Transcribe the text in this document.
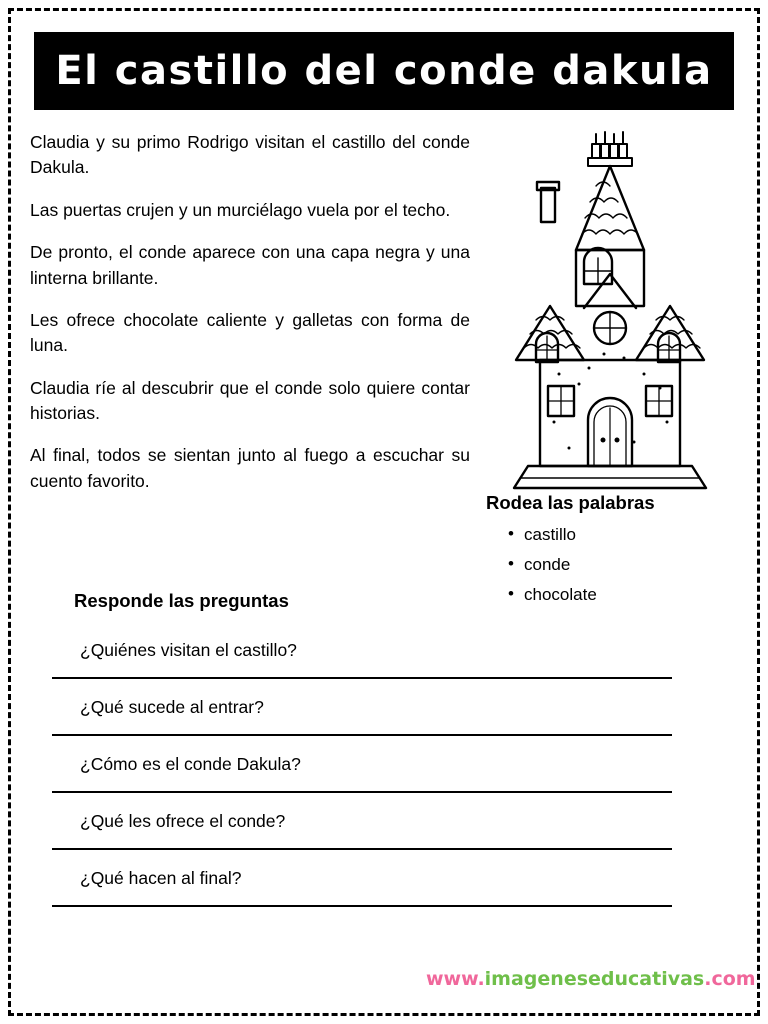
El castillo del conde dakula

Claudia y su primo Rodrigo visitan el castillo del conde Dakula.

Las puertas crujen y un murciélago vuela por el techo.

De pronto, el conde aparece con una capa negra y una linterna brillante.

Les ofrece chocolate caliente y galletas con forma de luna.

Claudia ríe al descubrir que el conde solo quiere contar historias.

Al final, todos se sientan junto al fuego a escuchar su cuento favorito.

Rodea las palabras
• castillo
• conde
• chocolate
Responde las preguntas
¿Quiénes visitan el castillo?
¿Qué sucede al entrar?
¿Cómo es el conde Dakula?
¿Qué les ofrece el conde?
¿Qué hacen al final?
www.imageneseducativas.com
